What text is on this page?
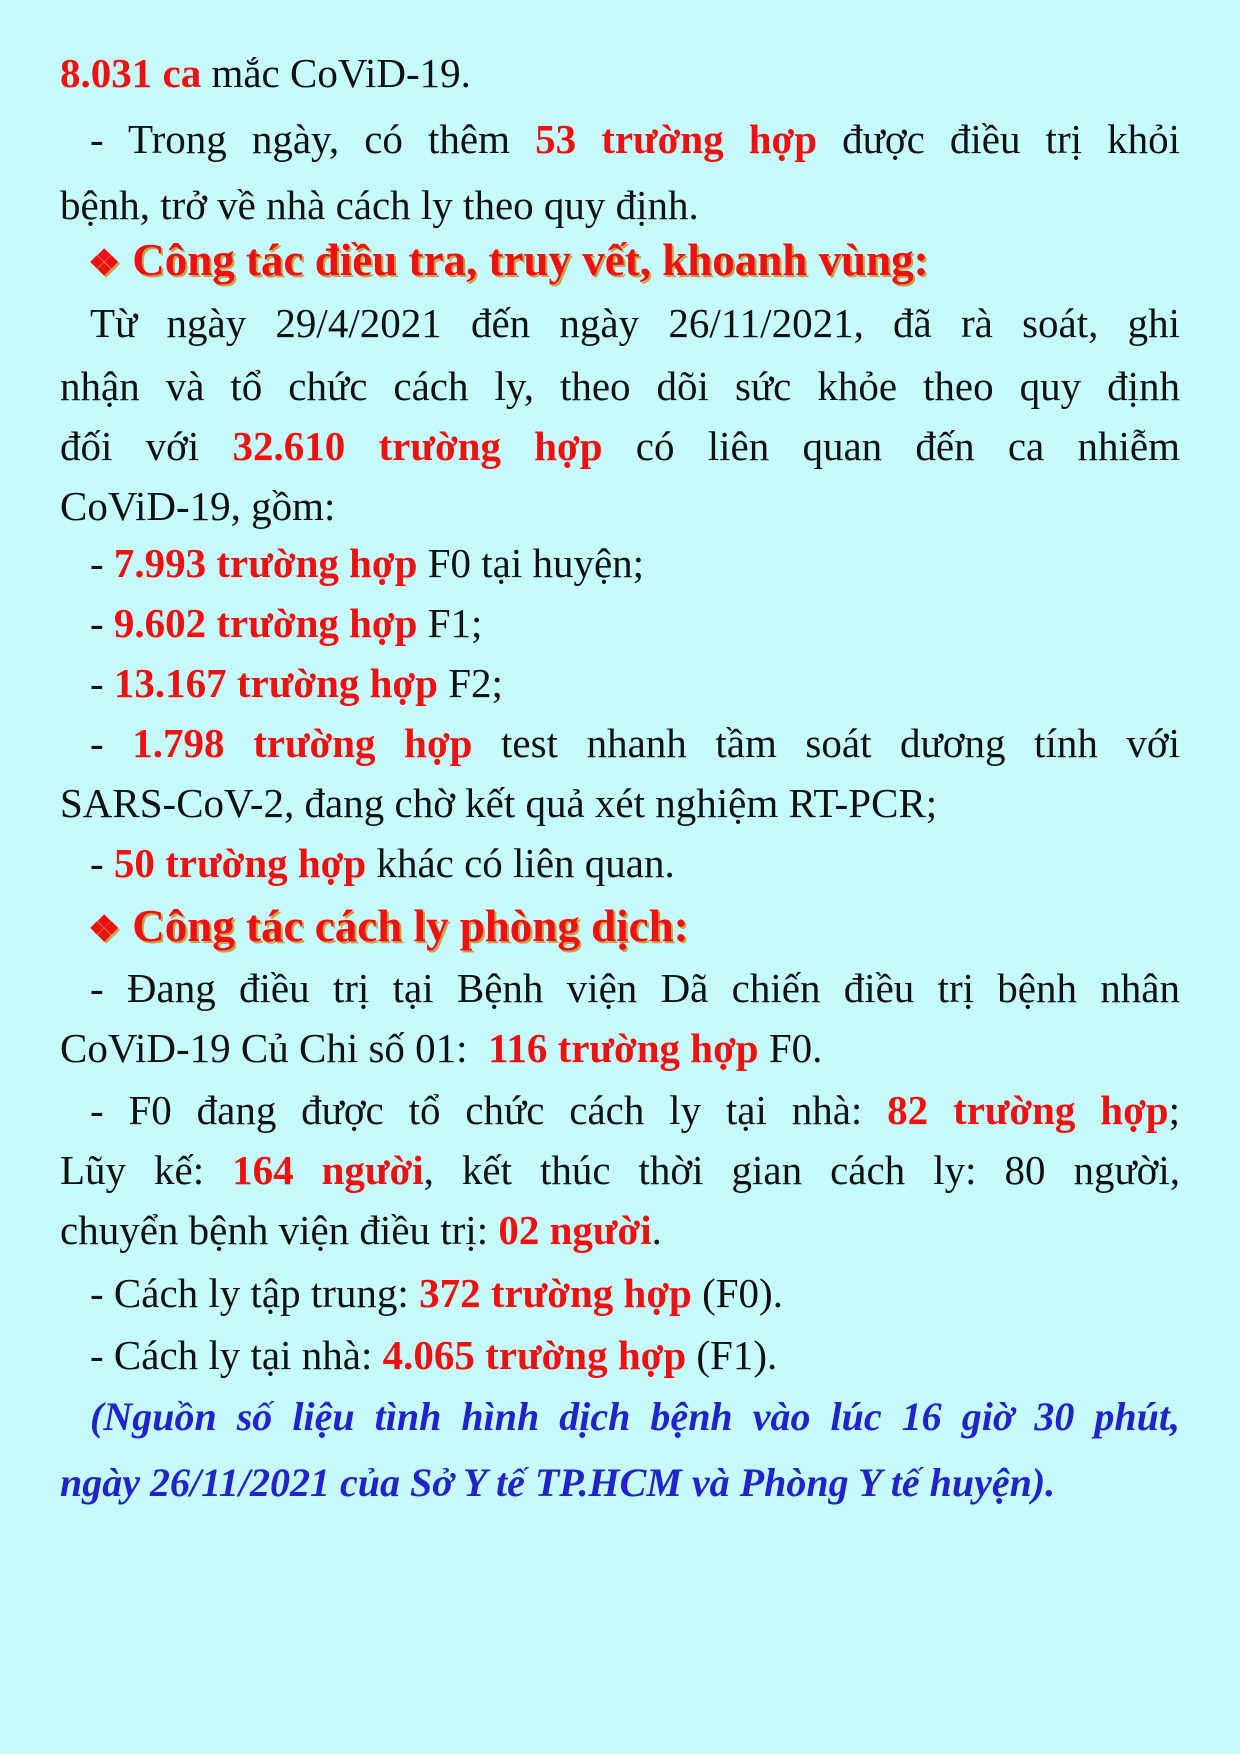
8.031 ca mắc CoViD-19.
- Trong ngày, có thêm 53 trường hợp được điều trị khỏi
bệnh, trở về nhà cách ly theo quy định.
❖ Công tác điều tra, truy vết, khoanh vùng:
Từ ngày 29/4/2021 đến ngày 26/11/2021, đã rà soát, ghi
nhận và tổ chức cách ly, theo dõi sức khỏe theo quy định
đối với 32.610 trường hợp có liên quan đến ca nhiễm
CoViD-19, gồm:
- 7.993 trường hợp F0 tại huyện;
- 9.602 trường hợp F1;
- 13.167 trường hợp F2;
- 1.798 trường hợp test nhanh tầm soát dương tính với
SARS-CoV-2, đang chờ kết quả xét nghiệm RT-PCR;
- 50 trường hợp khác có liên quan.
❖ Công tác cách ly phòng dịch:
- Đang điều trị tại Bệnh viện Dã chiến điều trị bệnh nhân
CoViD-19 Củ Chi số 01:  116 trường hợp F0.
- F0 đang được tổ chức cách ly tại nhà: 82 trường hợp;
Lũy kế: 164 người, kết thúc thời gian cách ly: 80 người,
chuyển bệnh viện điều trị: 02 người.
- Cách ly tập trung: 372 trường hợp (F0).
- Cách ly tại nhà: 4.065 trường hợp (F1).
(Nguồn số liệu tình hình dịch bệnh vào lúc 16 giờ 30 phút,
ngày 26/11/2021 của Sở Y tế TP.HCM và Phòng Y tế huyện).
